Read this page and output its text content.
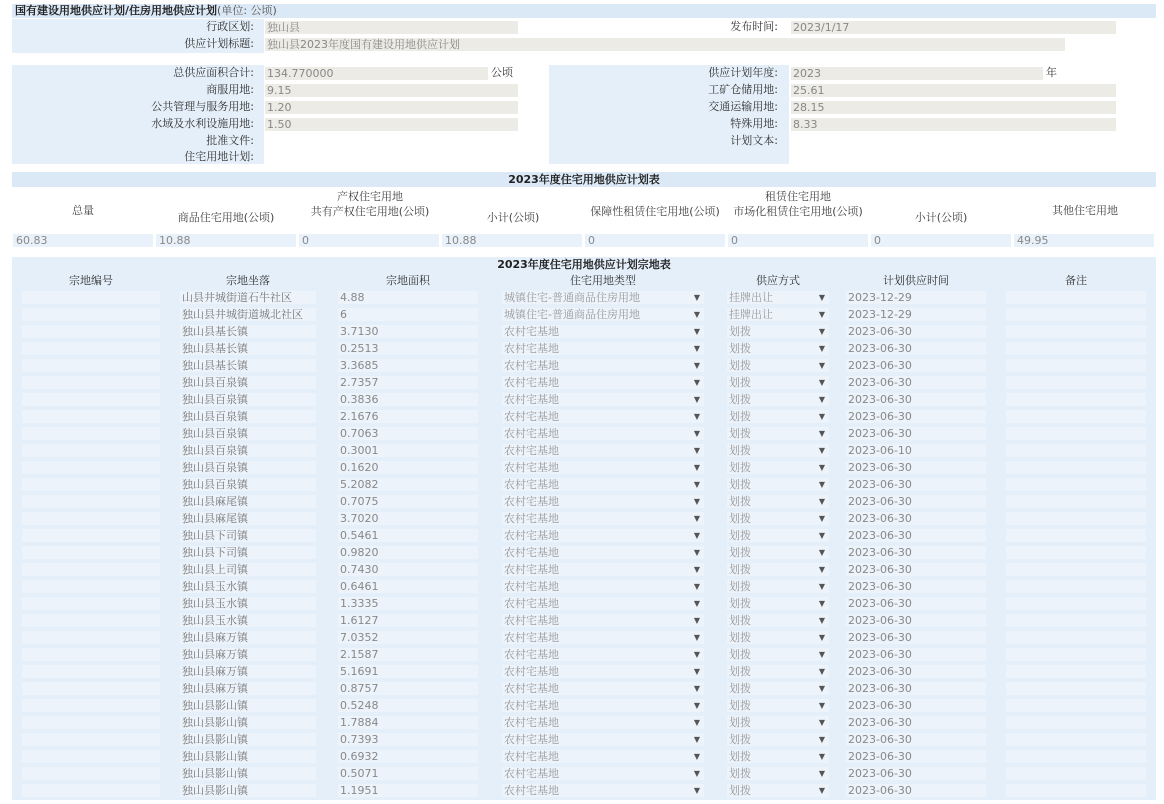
国有建设用地供应计划/住房用地供应计划(单位: 公顷)
行政区划: 独山县	发布时间: 2023/1/17
供应计划标题: 独山县2023年度国有建设用地供应计划
总供应面积合计: 134.770000	公顷	供应计划年度: 2023	年
商服用地: 9.15	工矿仓储用地: 25.61
公共管理与服务用地: 1.20	交通运输用地: 28.15
水域及水利设施用地: 1.50	特殊用地: 8.33
批准文件:	计划文本:
住宅用地计划:
2023年度住宅用地供应计划表
总量
产权住宅用地
商品住宅用地(公顷)	共有产权住宅用地(公顷)	小计(公顷)
租赁住宅用地
保障性租赁住宅用地(公顷)	市场化租赁住宅用地(公顷)	小计(公顷)
其他住宅用地
60.83	10.88	0	10.88	0	0	0	49.95
2023年度住宅用地供应计划宗地表
宗地编号	宗地坐落	宗地面积	住宅用地类型	供应方式	计划供应时间	备注
山县井城街道石牛社区	4.88	城镇住宅-普通商品住房用地	▼	挂牌出让	▼ 2023-12-29
独山县井城街道城北社区	6	城镇住宅-普通商品住房用地	▼	挂牌出让	▼ 2023-12-29
独山县基长镇	3.7130	农村宅基地	▼	划拨	▼ 2023-06-30
独山县基长镇	0.2513	农村宅基地	▼	划拨	▼ 2023-06-30
独山县基长镇	3.3685	农村宅基地	▼	划拨	▼ 2023-06-30
独山县百泉镇	2.7357	农村宅基地	▼	划拨	▼ 2023-06-30
独山县百泉镇	0.3836	农村宅基地	▼	划拨	▼ 2023-06-30
独山县百泉镇	2.1676	农村宅基地	▼	划拨	▼ 2023-06-30
独山县百泉镇	0.7063	农村宅基地	▼	划拨	▼ 2023-06-30
独山县百泉镇	0.3001	农村宅基地	▼	划拨	▼ 2023-06-10
独山县百泉镇	0.1620	农村宅基地	▼	划拨	▼ 2023-06-30
独山县百泉镇	5.2082	农村宅基地	▼	划拨	▼ 2023-06-30
独山县麻尾镇	0.7075	农村宅基地	▼	划拨	▼ 2023-06-30
独山县麻尾镇	3.7020	农村宅基地	▼	划拨	▼ 2023-06-30
独山县下司镇	0.5461	农村宅基地	▼	划拨	▼ 2023-06-30
独山县下司镇	0.9820	农村宅基地	▼	划拨	▼ 2023-06-30
独山县上司镇	0.7430	农村宅基地	▼	划拨	▼ 2023-06-30
独山县玉水镇	0.6461	农村宅基地	▼	划拨	▼ 2023-06-30
独山县玉水镇	1.3335	农村宅基地	▼	划拨	▼ 2023-06-30
独山县玉水镇	1.6127	农村宅基地	▼	划拨	▼ 2023-06-30
独山县麻万镇	7.0352	农村宅基地	▼	划拨	▼ 2023-06-30
独山县麻万镇	2.1587	农村宅基地	▼	划拨	▼ 2023-06-30
独山县麻万镇	5.1691	农村宅基地	▼	划拨	▼ 2023-06-30
独山县麻万镇	0.8757	农村宅基地	▼	划拨	▼ 2023-06-30
独山县影山镇	0.5248	农村宅基地	▼	划拨	▼ 2023-06-30
独山县影山镇	1.7884	农村宅基地	▼	划拨	▼ 2023-06-30
独山县影山镇	0.7393	农村宅基地	▼	划拨	▼ 2023-06-30
独山县影山镇	0.6932	农村宅基地	▼	划拨	▼ 2023-06-30
独山县影山镇	0.5071	农村宅基地	▼	划拨	▼ 2023-06-30
独山县影山镇	1.1951	农村宅基地	▼	划拨	▼ 2023-06-30
